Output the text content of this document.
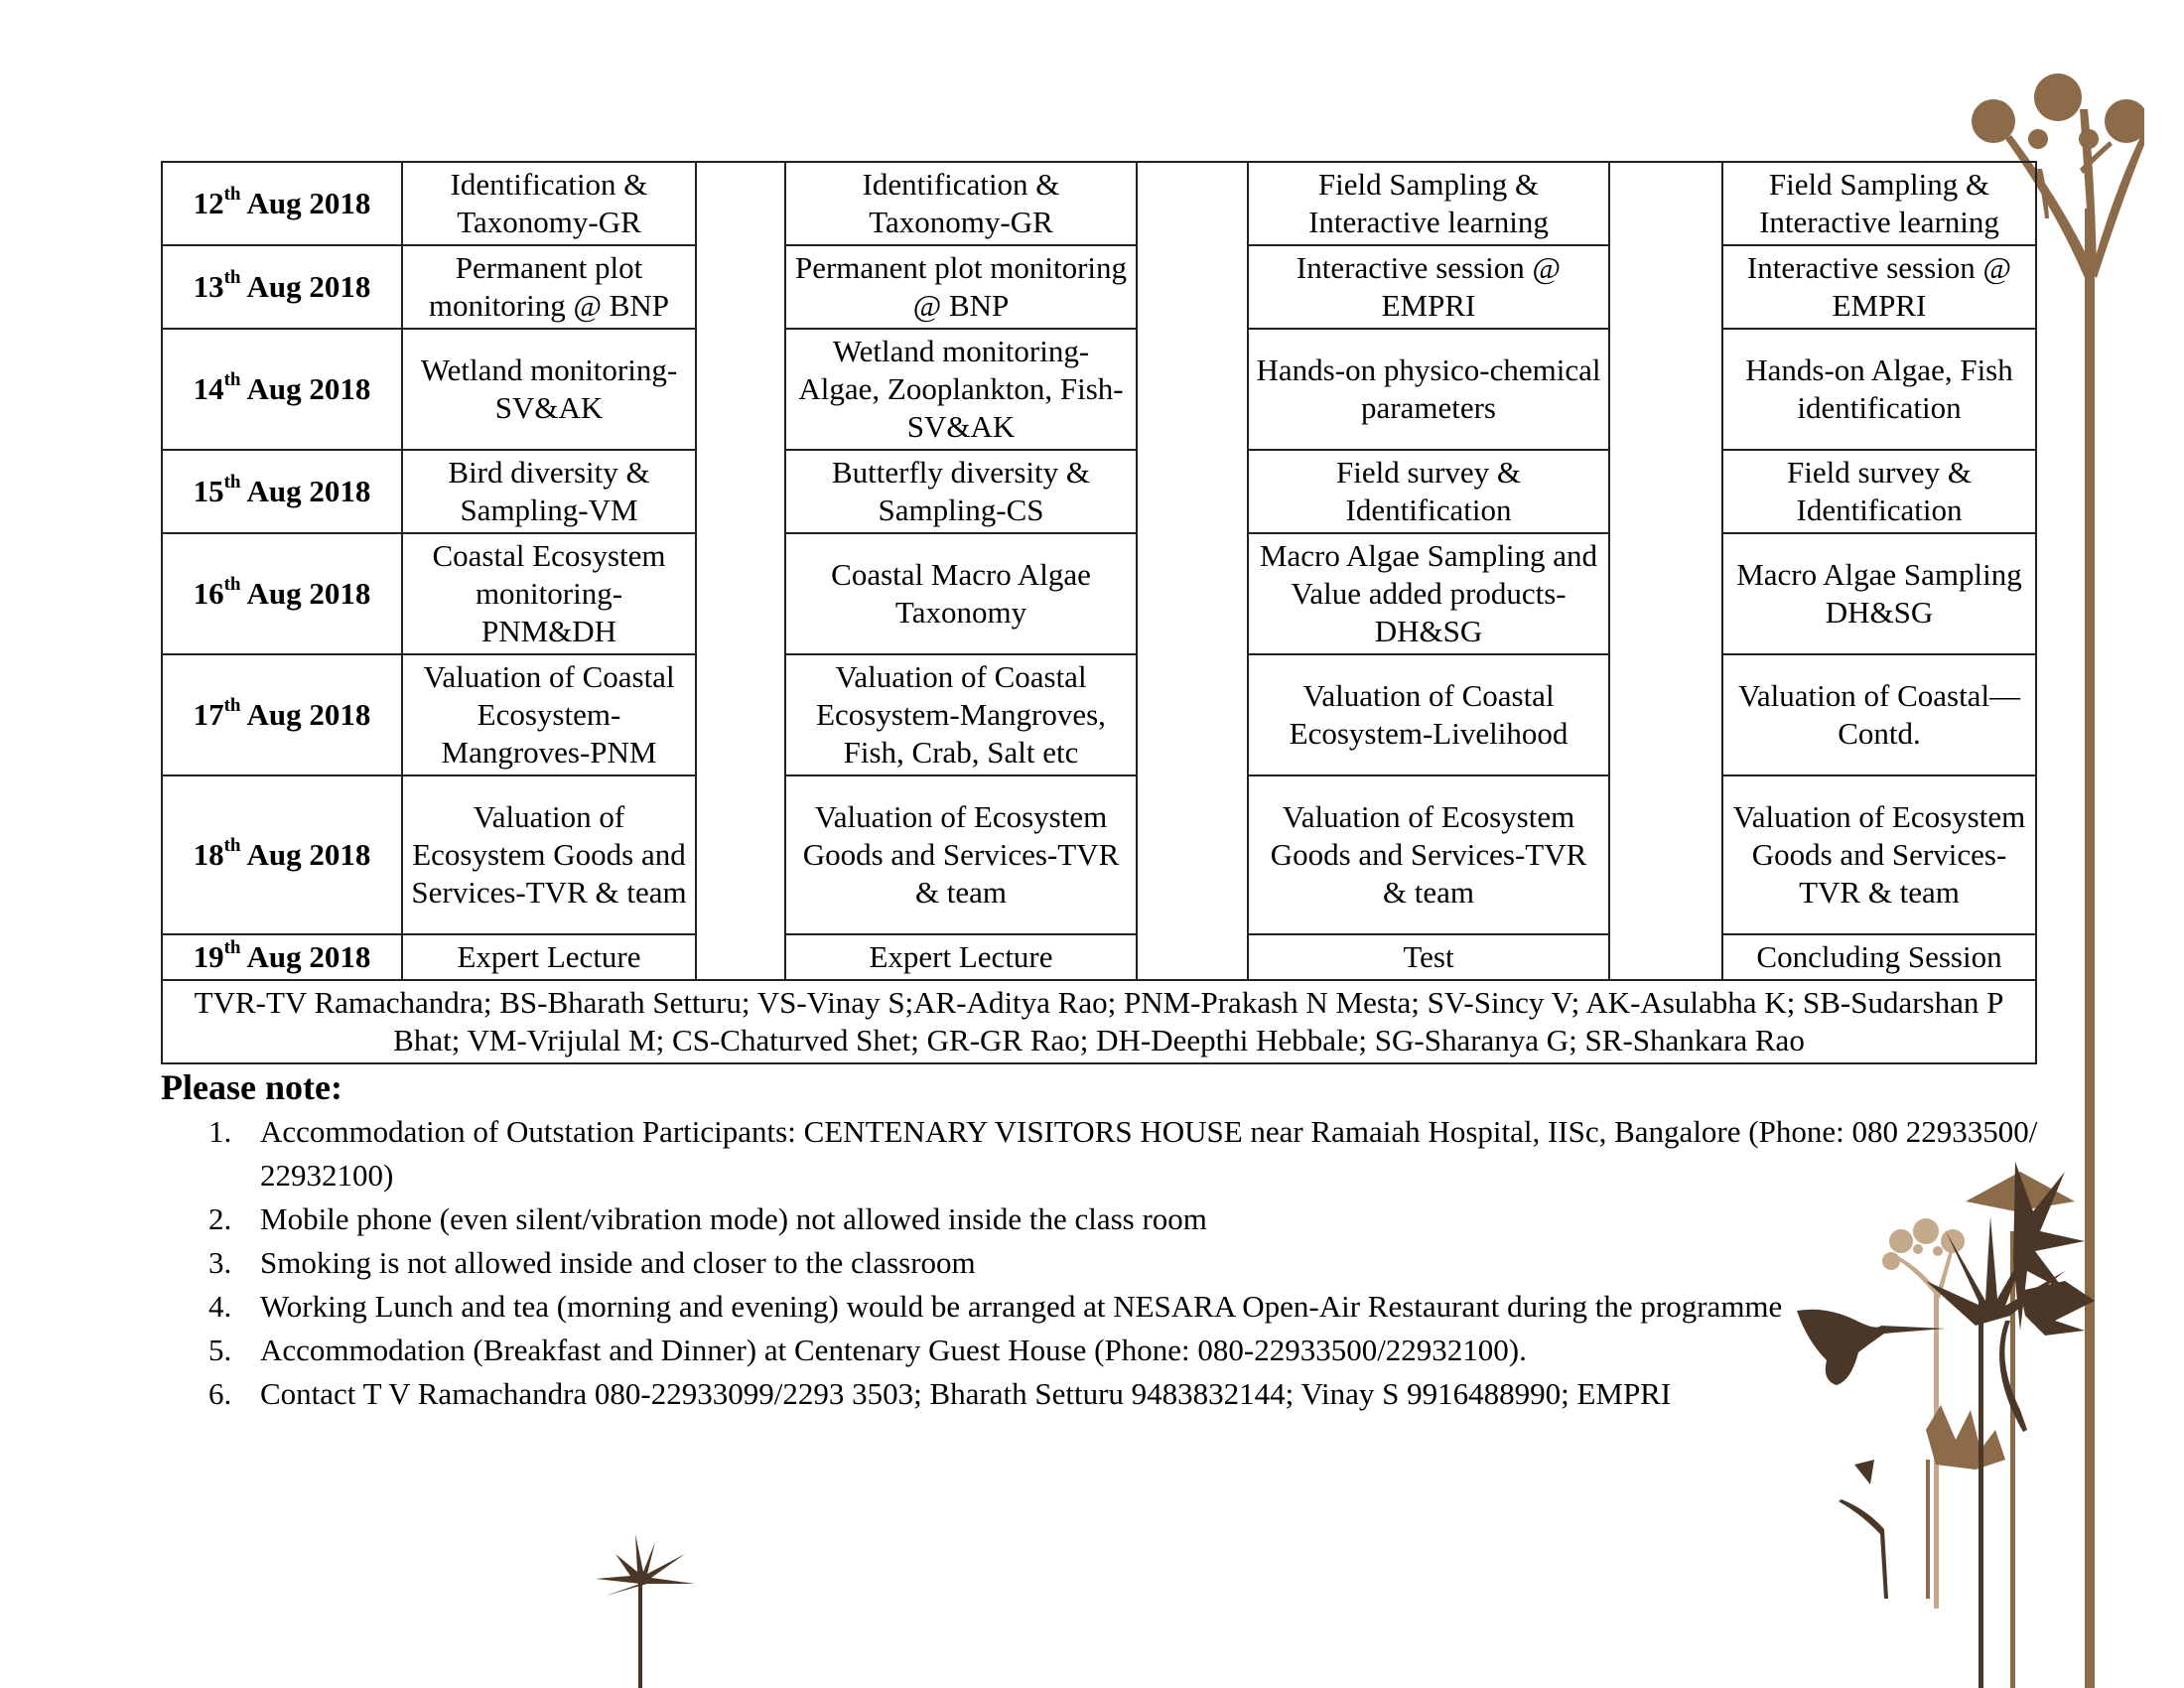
12th Aug 2018	Identification & Taxonomy-GR		Identification & Taxonomy-GR		Field Sampling & Interactive learning		Field Sampling & Interactive learning
13th Aug 2018	Permanent plot monitoring @ BNP		Permanent plot monitoring @ BNP		Interactive session @ EMPRI		Interactive session @ EMPRI
14th Aug 2018	Wetland monitoring-SV&AK		Wetland monitoring-Algae, Zooplankton, Fish- SV&AK		Hands-on physico-chemical parameters		Hands-on Algae, Fish identification
15th Aug 2018	Bird diversity & Sampling-VM		Butterfly diversity & Sampling-CS		Field survey & Identification		Field survey & Identification
16th Aug 2018	Coastal Ecosystem monitoring-PNM&DH		Coastal Macro Algae Taxonomy		Macro Algae Sampling and Value added products-DH&SG		Macro Algae Sampling DH&SG
17th Aug 2018	Valuation of Coastal Ecosystem-Mangroves-PNM		Valuation of Coastal Ecosystem-Mangroves, Fish, Crab, Salt etc		Valuation of Coastal Ecosystem-Livelihood		Valuation of Coastal—Contd.
18th Aug 2018	Valuation of Ecosystem Goods and Services-TVR & team		Valuation of Ecosystem Goods and Services-TVR & team		Valuation of Ecosystem Goods and Services-TVR & team		Valuation of Ecosystem Goods and Services-TVR & team
19th Aug 2018	Expert Lecture		Expert Lecture		Test		Concluding Session
TVR-TV Ramachandra; BS-Bharath Setturu; VS-Vinay S;AR-Aditya Rao; PNM-Prakash N Mesta; SV-Sincy V; AK-Asulabha K; SB-Sudarshan P Bhat; VM-Vrijulal M; CS-Chaturved Shet; GR-GR Rao; DH-Deepthi Hebbale; SG-Sharanya G; SR-Shankara Rao							
Please note:
1. Accommodation of Outstation Participants: CENTENARY VISITORS HOUSE near Ramaiah Hospital, IISc, Bangalore (Phone: 080 22933500/ 22932100)
2. Mobile phone (even silent/vibration mode) not allowed inside the class room
3. Smoking is not allowed inside and closer to the classroom
4. Working Lunch and tea (morning and evening) would be arranged at NESARA Open-Air Restaurant during the programme
5. Accommodation (Breakfast and Dinner) at Centenary Guest House (Phone: 080-22933500/22932100).
6. Contact T V Ramachandra 080-22933099/2293 3503; Bharath Setturu 9483832144; Vinay S 9916488990; EMPRI
